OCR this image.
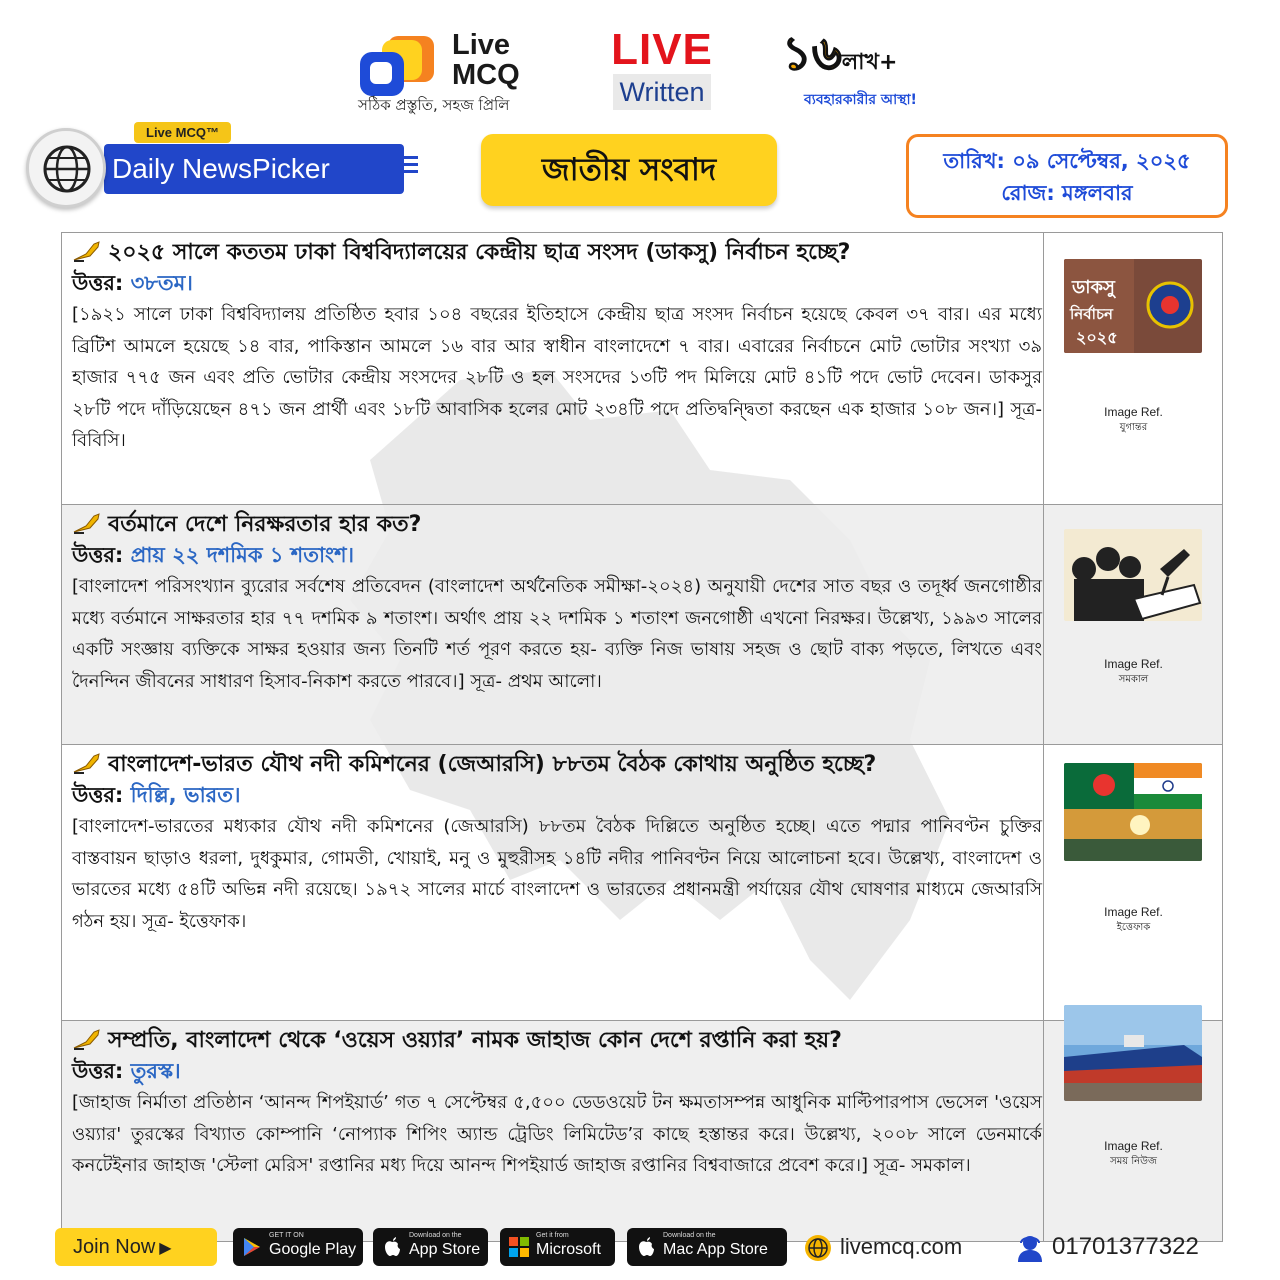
Live
MCQ
সঠিক প্রস্তুতি, সহজ প্রিলি
LIVE
Written
১৬লাখ+
ব্যবহারকারীর আস্থা!
Daily NewsPicker
Live MCQ™
জাতীয় সংবাদ	তারিখ: ০৯ সেপ্টেম্বর, ২০২৫
রোজ: মঙ্গলবার
২০২৫ সালে কততম ঢাকা বিশ্ববিদ্যালয়ের কেন্দ্রীয় ছাত্র সংসদ (ডাকসু) নির্বাচন হচ্ছে?
উত্তর: ৩৮তম।
[১৯২১ সালে ঢাকা বিশ্ববিদ্যালয় প্রতিষ্ঠিত হবার ১০৪ বছরের ইতিহাসে কেন্দ্রীয় ছাত্র সংসদ নির্বাচন হয়েছে কেবল ৩৭ বার। এর মধ্যে ব্রিটিশ আমলে হয়েছে ১৪ বার, পাকিস্তান আমলে ১৬ বার আর স্বাধীন বাংলাদেশে ৭ বার। এবারের নির্বাচনে মোট ভোটার সংখ্যা ৩৯ হাজার ৭৭৫ জন এবং প্রতি ভোটার কেন্দ্রীয় সংসদের ২৮টি ও হল সংসদের ১৩টি পদ মিলিয়ে মোট ৪১টি পদে ভোট দেবেন। ডাকসুর ২৮টি পদে দাঁড়িয়েছেন ৪৭১ জন প্রার্থী এবং ১৮টি আবাসিক হলের মোট ২৩৪টি পদে প্রতিদ্বন্দ্বিতা করছেন এক হাজার ১০৮ জন।] সূত্র- বিবিসি।
ডাকসু
নির্বাচন
২০২৫
Image Ref.
যুগান্তর
বর্তমানে দেশে নিরক্ষরতার হার কত?
উত্তর: প্রায় ২২ দশমিক ১ শতাংশ।
[বাংলাদেশ পরিসংখ্যান ব্যুরোর সর্বশেষ প্রতিবেদন (বাংলাদেশ অর্থনৈতিক সমীক্ষা-২০২৪) অনুযায়ী দেশের সাত বছর ও তদূর্ধ্ব জনগোষ্ঠীর মধ্যে বর্তমানে সাক্ষরতার হার ৭৭ দশমিক ৯ শতাংশ। অর্থাৎ প্রায় ২২ দশমিক ১ শতাংশ জনগোষ্ঠী এখনো নিরক্ষর। উল্লেখ্য, ১৯৯৩ সালের একটি সংজ্ঞায় ব্যক্তিকে সাক্ষর হওয়ার জন্য তিনটি শর্ত পূরণ করতে হয়- ব্যক্তি নিজ ভাষায় সহজ ও ছোট বাক্য পড়তে, লিখতে এবং দৈনন্দিন জীবনের সাধারণ হিসাব-নিকাশ করতে পারবে।] সূত্র- প্রথম আলো।
Image Ref.
সমকাল
বাংলাদেশ-ভারত যৌথ নদী কমিশনের (জেআরসি) ৮৮তম বৈঠক কোথায় অনুষ্ঠিত হচ্ছে?
উত্তর: দিল্লি, ভারত।
[বাংলাদেশ-ভারতের মধ্যকার যৌথ নদী কমিশনের (জেআরসি) ৮৮তম বৈঠক দিল্লিতে অনুষ্ঠিত হচ্ছে। এতে পদ্মার পানিবণ্টন চুক্তির বাস্তবায়ন ছাড়াও ধরলা, দুধকুমার, গোমতী, খোয়াই, মনু ও মুহুরীসহ ১৪টি নদীর পানিবণ্টন নিয়ে আলোচনা হবে। উল্লেখ্য, বাংলাদেশ ও ভারতের মধ্যে ৫৪টি অভিন্ন নদী রয়েছে। ১৯৭২ সালের মার্চে বাংলাদেশ ও ভারতের প্রধানমন্ত্রী পর্যায়ের যৌথ ঘোষণার মাধ্যমে জেআরসি গঠন হয়। সূত্র- ইত্তেফাক।	Image Ref.
ইত্তেফাক
সম্প্রতি, বাংলাদেশ থেকে ‘ওয়েস ওয়্যার’ নামক জাহাজ কোন দেশে রপ্তানি করা হয়?
উত্তর: তুরস্ক।
[জাহাজ নির্মাতা প্রতিষ্ঠান ‘আনন্দ শিপইয়ার্ড’ গত ৭ সেপ্টেম্বর ৫,৫০০ ডেডওয়েট টন ক্ষমতাসম্পন্ন আধুনিক মাল্টিপারপাস ভেসেল 'ওয়েস ওয়্যার' তুরস্কের বিখ্যাত কোম্পানি ‘নোপ্যাক শিপিং অ্যান্ড ট্রেডিং লিমিটেড’র কাছে হস্তান্তর করে। উল্লেখ্য, ২০০৮ সালে ডেনমার্কে কনটেইনার জাহাজ 'স্টেলা মেরিস' রপ্তানির মধ্য দিয়ে আনন্দ শিপইয়ার্ড জাহাজ রপ্তানির বিশ্ববাজারে প্রবেশ করে।] সূত্র- সমকাল।
Image Ref.
সময় নিউজ
Join Now ▶
GET IT ON
Google Play
Download on the
App Store
Get it from
Microsoft
Download on the
Mac App Store	livemcq.com	01701377322
